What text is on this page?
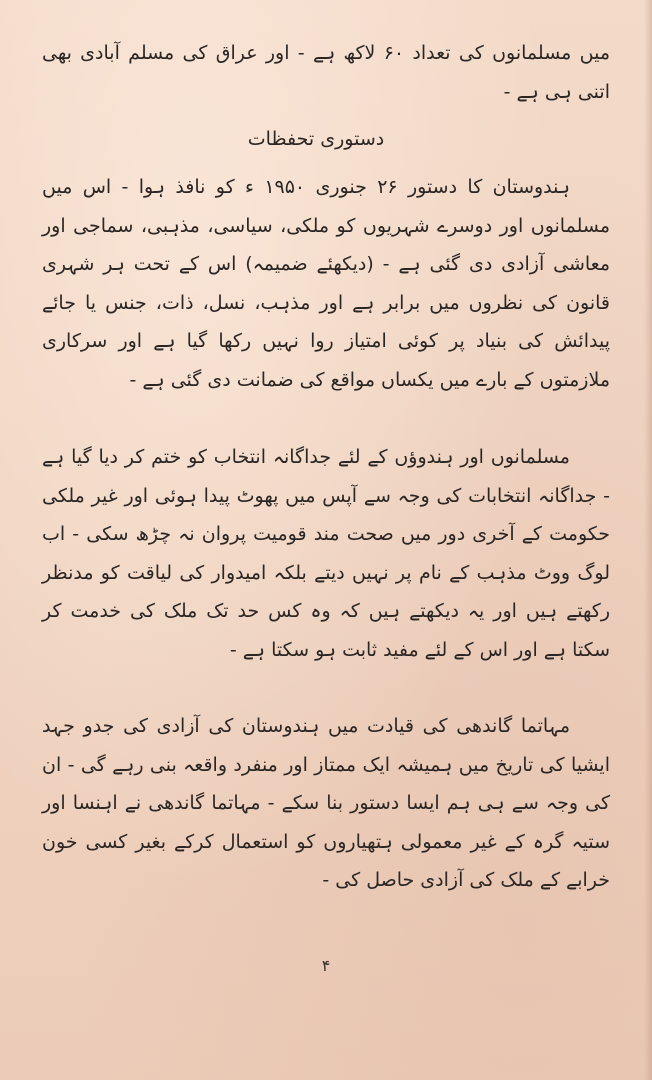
میں مسلمانوں کی تعداد ۶۰ لاکھ ہے - اور عراق کی مسلم آبادی بھی اتنی ہی ہے -

دستوری تحفظات

ہندوستان کا دستور ۲۶ جنوری ۱۹۵۰ ء کو نافذ ہوا - اس میں مسلمانوں اور دوسرے شہریوں کو ملکی، سیاسی، مذہبی، سماجی اور معاشی آزادی دی گئی ہے - (دیکھئے ضمیمہ) اس کے تحت ہر شہری قانون کی نظروں میں برابر ہے اور مذہب، نسل، ذات، جنس یا جائے پیدائش کی بنیاد پر کوئی امتیاز روا نہیں رکھا گیا ہے اور سرکاری ملازمتوں کے بارے میں یکساں مواقع کی ضمانت دی گئی ہے -

مسلمانوں اور ہندوؤں کے لئے جداگانہ انتخاب کو ختم کر دیا گیا ہے - جداگانہ انتخابات کی وجہ سے آپس میں پھوٹ پیدا ہوئی اور غیر ملکی حکومت کے آخری دور میں صحت مند قومیت پروان نہ چڑھ سکی - اب لوگ ووٹ مذہب کے نام پر نہیں دیتے بلکہ امیدوار کی لیاقت کو مدنظر رکھتے ہیں اور یہ دیکھتے ہیں کہ وہ کس حد تک ملک کی خدمت کر سکتا ہے اور اس کے لئے مفید ثابت ہو سکتا ہے -

مہاتما گاندھی کی قیادت میں ہندوستان کی آزادی کی جدو جہد ایشیا کی تاریخ میں ہمیشہ ایک ممتاز اور منفرد واقعہ بنی رہے گی - ان کی وجہ سے ہی ہم ایسا دستور بنا سکے - مہاتما گاندھی نے اہنسا اور ستیہ گرہ کے غیر معمولی ہتھیاروں کو استعمال کرکے بغیر کسی خون خرابے کے ملک کی آزادی حاصل کی -

۴
